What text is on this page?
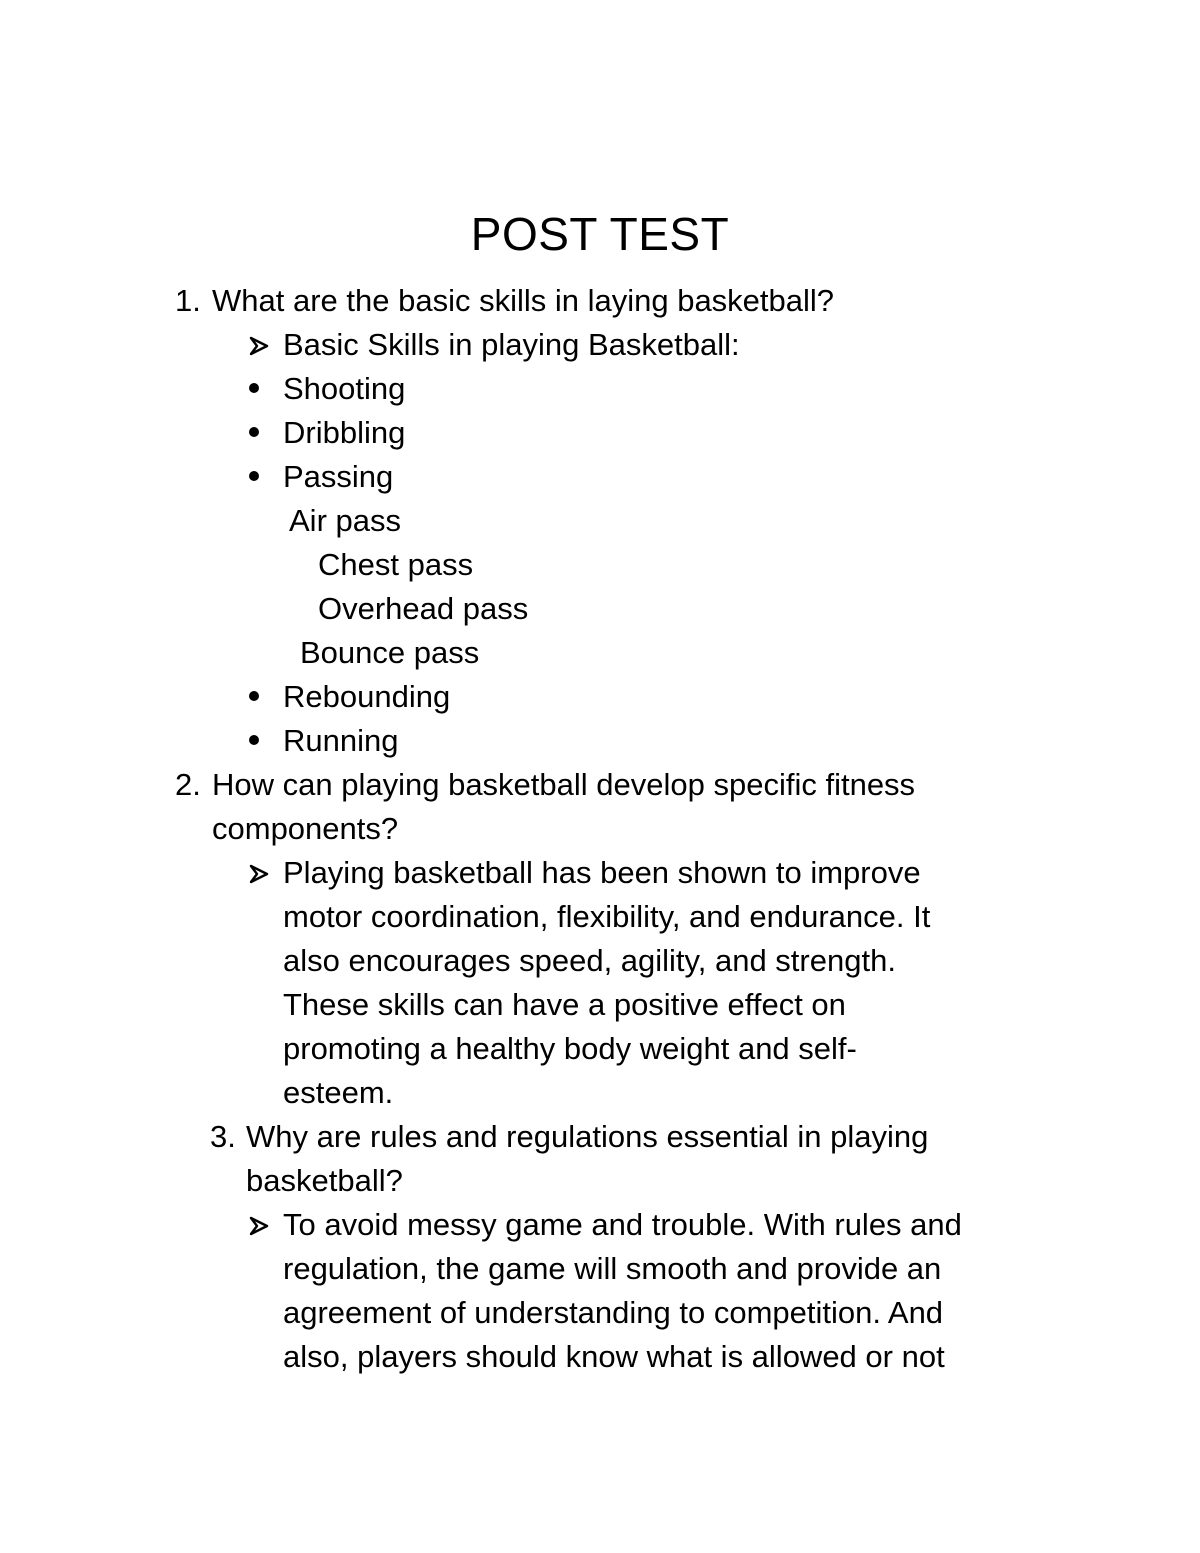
POST TEST
1. What are the basic skills in laying basketball?
Basic Skills in playing Basketball:
Shooting
Dribbling
Passing
Air pass
Chest pass
Overhead pass
Bounce pass
Rebounding
Running
2. How can playing basketball develop specific fitness
components?
Playing basketball has been shown to improve
motor coordination, flexibility, and endurance. It
also encourages speed, agility, and strength.
These skills can have a positive effect on
promoting a healthy body weight and self-
esteem.
3. Why are rules and regulations essential in playing
basketball?
To avoid messy game and trouble. With rules and
regulation, the game will smooth and provide an
agreement of understanding to competition. And
also, players should know what is allowed or not
